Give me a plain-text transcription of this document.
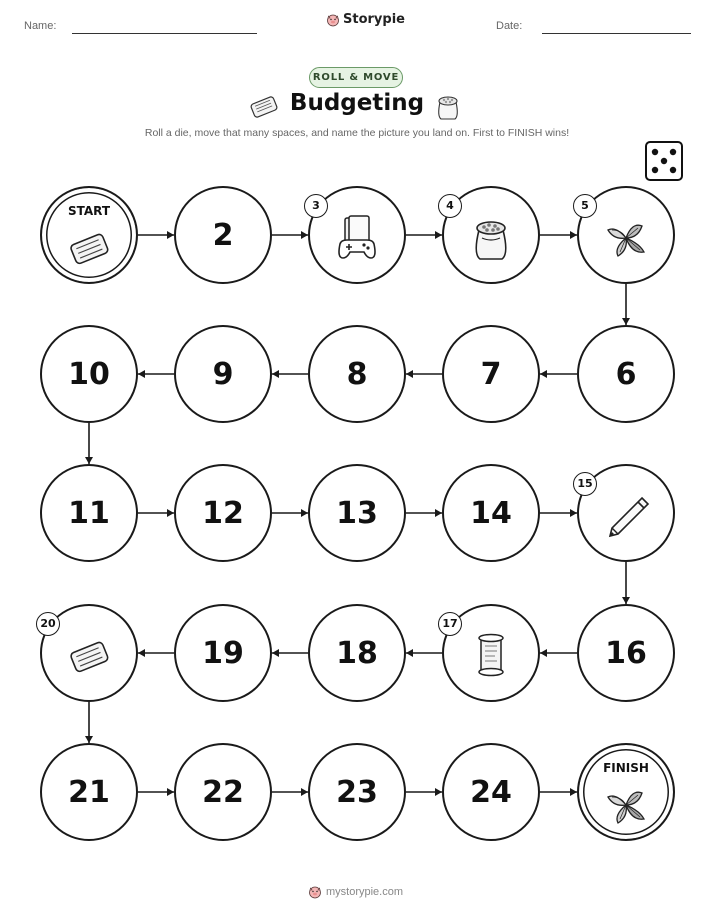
Name:	Storypie	Date:
ROLL & MOVE
Budgeting
Roll a die, move that many spaces, and name the picture you land on. First to FINISH wins!
START
2
3	4	5
6
7
8
9
10
11	12	13	14
15
16
17
18
19
20
21	22	23	24
FINISH
mystorypie.com
